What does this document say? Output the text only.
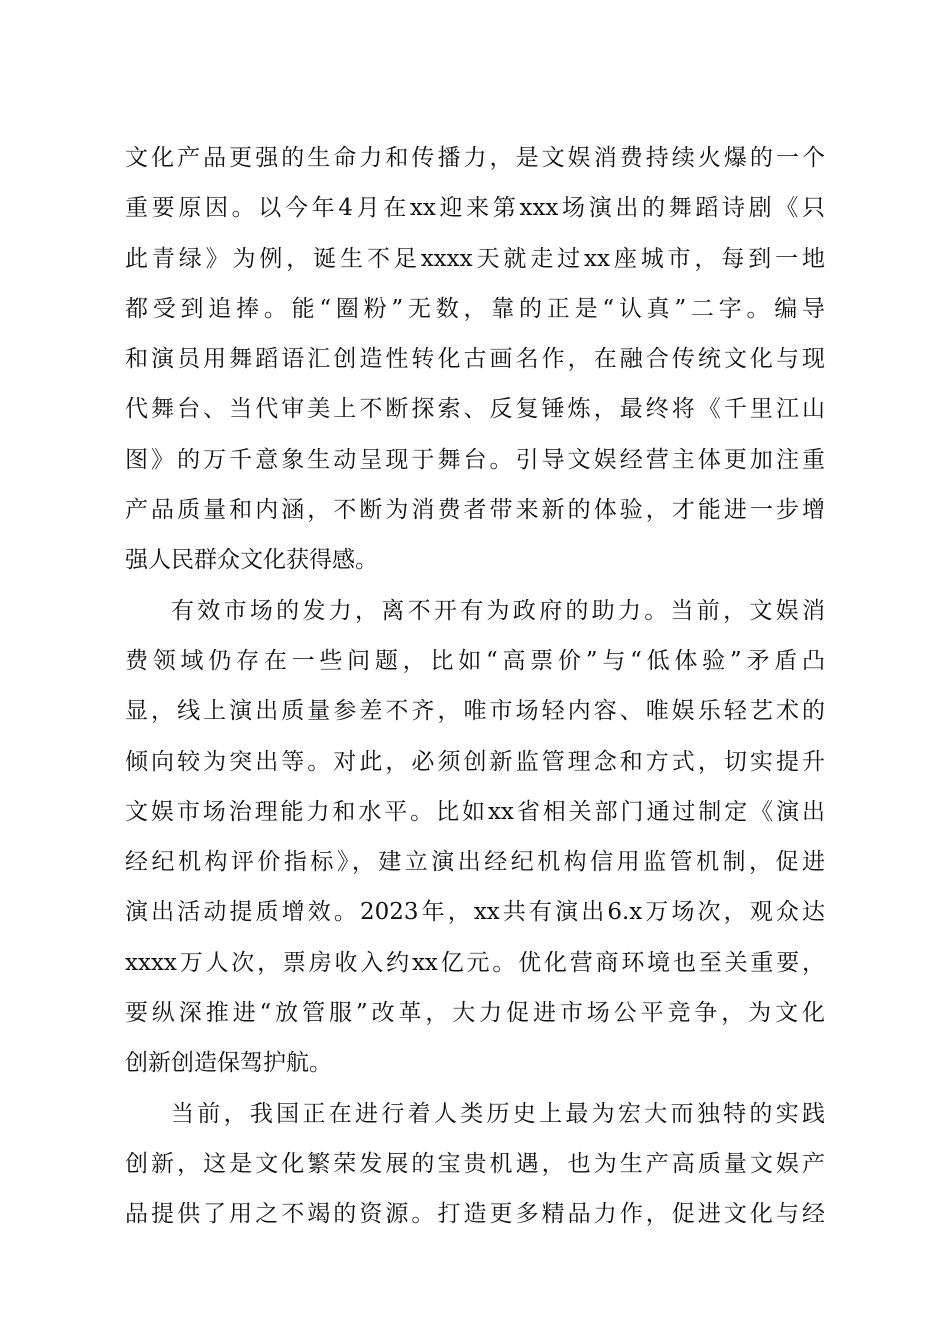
文化产品更强的生命力和传播力，是文娱消费持续火爆的一个
重要原因。以今年4月在xx迎来第xxx场演出的舞蹈诗剧《只
此青绿》为例，诞生不足xxxx天就走过xx座城市，每到一地
都受到追捧。能“圈粉”无数，靠的正是“认真”二字。编导
和演员用舞蹈语汇创造性转化古画名作，在融合传统文化与现
代舞台、当代审美上不断探索、反复锤炼，最终将《千里江山
图》的万千意象生动呈现于舞台。引导文娱经营主体更加注重
产品质量和内涵，不断为消费者带来新的体验，才能进一步增
强人民群众文化获得感。
有效市场的发力，离不开有为政府的助力。当前，文娱消
费领域仍存在一些问题，比如“高票价”与“低体验”矛盾凸
显，线上演出质量参差不齐，唯市场轻内容、唯娱乐轻艺术的
倾向较为突出等。对此，必须创新监管理念和方式，切实提升
文娱市场治理能力和水平。比如xx省相关部门通过制定《演出
经纪机构评价指标》，建立演出经纪机构信用监管机制，促进
演出活动提质增效。2023年，xx共有演出6.x万场次，观众达
xxxx万人次，票房收入约xx亿元。优化营商环境也至关重要，
要纵深推进“放管服”改革，大力促进市场公平竞争，为文化
创新创造保驾护航。
当前，我国正在进行着人类历史上最为宏大而独特的实践
创新，这是文化繁荣发展的宝贵机遇，也为生产高质量文娱产
品提供了用之不竭的资源。打造更多精品力作，促进文化与经
